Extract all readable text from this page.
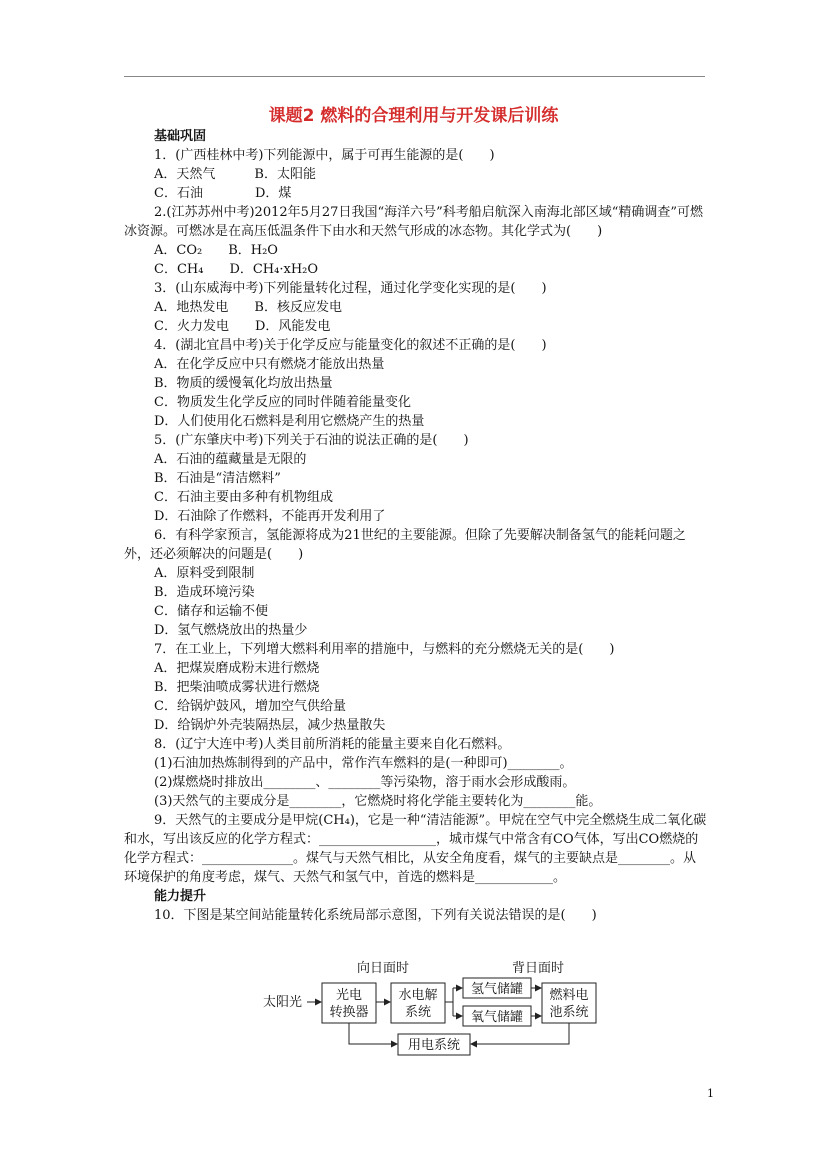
课题2 燃料的合理利用与开发课后训练
基础巩固
1．(广西桂林中考)下列能源中，属于可再生能源的是(　　)
A．天然气　　　B．太阳能
C．石油　　　　D．煤
2.(江苏苏州中考)2012年5月27日我国“海洋六号”科考船启航深入南海北部区域“精确调查”可燃冰资源。可燃冰是在高压低温条件下由水和天然气形成的冰态物。其化学式为(　　)
A．CO₂　　B．H₂O
C．CH₄　　D．CH₄·xH₂O
3．(山东威海中考)下列能量转化过程，通过化学变化实现的是(　　)
A．地热发电　　B．核反应发电
C．火力发电　　D．风能发电
4．(湖北宜昌中考)关于化学反应与能量变化的叙述不正确的是(　　)
A．在化学反应中只有燃烧才能放出热量
B．物质的缓慢氧化均放出热量
C．物质发生化学反应的同时伴随着能量变化
D．人们使用化石燃料是利用它燃烧产生的热量
5．(广东肇庆中考)下列关于石油的说法正确的是(　　)
A．石油的蕴藏量是无限的
B．石油是“清洁燃料”
C．石油主要由多种有机物组成
D．石油除了作燃料，不能再开发利用了
6．有科学家预言，氢能源将成为21世纪的主要能源。但除了先要解决制备氢气的能耗问题之外，还必须解决的问题是(　　)
A．原料受到限制
B．造成环境污染
C．储存和运输不便
D．氢气燃烧放出的热量少
7．在工业上，下列增大燃料利用率的措施中，与燃料的充分燃烧无关的是(　　)
A．把煤炭磨成粉末进行燃烧
B．把柴油喷成雾状进行燃烧
C．给锅炉鼓风，增加空气供给量
D．给锅炉外壳装隔热层，减少热量散失
8．(辽宁大连中考)人类目前所消耗的能量主要来自化石燃料。
(1)石油加热炼制得到的产品中，常作汽车燃料的是(一种即可)________。
(2)煤燃烧时排放出________、________等污染物，溶于雨水会形成酸雨。
(3)天然气的主要成分是________，它燃烧时将化学能主要转化为________能。
9．天然气的主要成分是甲烷(CH₄)，它是一种“清洁能源”。甲烷在空气中完全燃烧生成二氧化碳和水，写出该反应的化学方程式：__________________，城市煤气中常含有CO气体，写出CO燃烧的化学方程式：______________。煤气与天然气相比，从安全角度看，煤气的主要缺点是________。从环境保护的角度考虑，煤气、天然气和氢气中，首选的燃料是____________。
能力提升
10．下图是某空间站能量转化系统局部示意图，下列有关说法错误的是(　　)
向日面时	背日面时
太阳光	光电
转换器
水电解
系统
氢气储罐
氧气储罐
燃料电
池系统
用电系统
1
